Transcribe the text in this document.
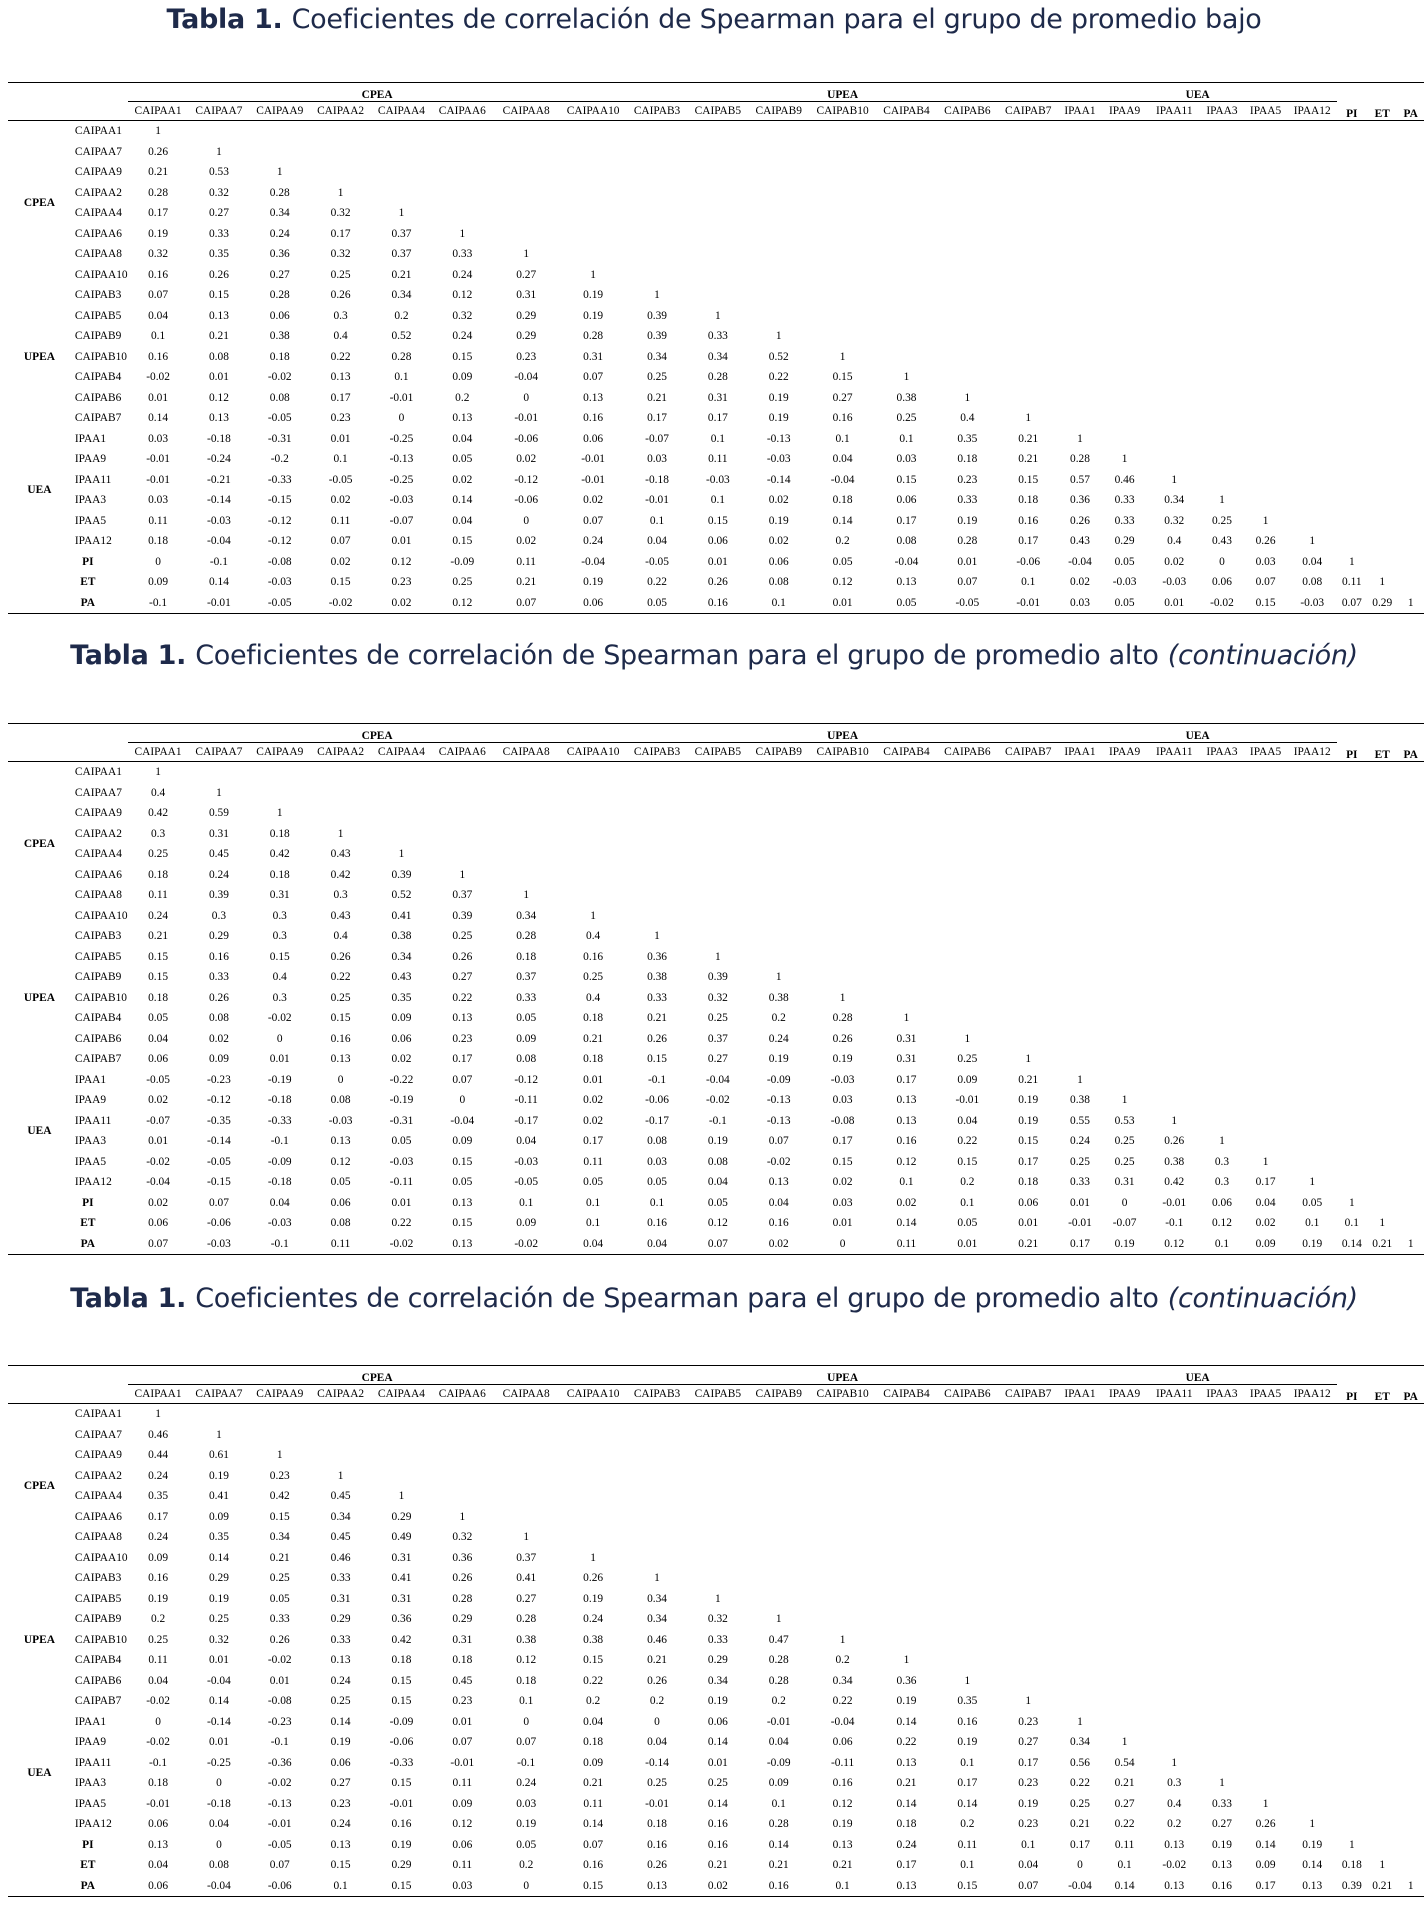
Tabla 1. Coeficientes de correlación de Spearman para el grupo de promedio bajo
		CPEA								UPEA							UEA						PI	ET	PA
		CAIPAA1	CAIPAA7	CAIPAA9	CAIPAA2	CAIPAA4	CAIPAA6	CAIPAA8	CAIPAA10	CAIPAB3	CAIPAB5	CAIPAB9	CAIPAB10	CAIPAB4	CAIPAB6	CAIPAB7	IPAA1	IPAA9	IPAA11	IPAA3	IPAA5	IPAA12			
CPEA	CAIPAA1	1																							
	CAIPAA7	0.26	1																						
	CAIPAA9	0.21	0.53	1																					
	CAIPAA2	0.28	0.32	0.28	1																				
	CAIPAA4	0.17	0.27	0.34	0.32	1																			
	CAIPAA6	0.19	0.33	0.24	0.17	0.37	1																		
	CAIPAA8	0.32	0.35	0.36	0.32	0.37	0.33	1																	
	CAIPAA10	0.16	0.26	0.27	0.25	0.21	0.24	0.27	1																
UPEA	CAIPAB3	0.07	0.15	0.28	0.26	0.34	0.12	0.31	0.19	1															
	CAIPAB5	0.04	0.13	0.06	0.3	0.2	0.32	0.29	0.19	0.39	1														
	CAIPAB9	0.1	0.21	0.38	0.4	0.52	0.24	0.29	0.28	0.39	0.33	1													
	CAIPAB10	0.16	0.08	0.18	0.22	0.28	0.15	0.23	0.31	0.34	0.34	0.52	1												
	CAIPAB4	-0.02	0.01	-0.02	0.13	0.1	0.09	-0.04	0.07	0.25	0.28	0.22	0.15	1											
	CAIPAB6	0.01	0.12	0.08	0.17	-0.01	0.2	0	0.13	0.21	0.31	0.19	0.27	0.38	1										
	CAIPAB7	0.14	0.13	-0.05	0.23	0	0.13	-0.01	0.16	0.17	0.17	0.19	0.16	0.25	0.4	1									
UEA	IPAA1	0.03	-0.18	-0.31	0.01	-0.25	0.04	-0.06	0.06	-0.07	0.1	-0.13	0.1	0.1	0.35	0.21	1								
	IPAA9	-0.01	-0.24	-0.2	0.1	-0.13	0.05	0.02	-0.01	0.03	0.11	-0.03	0.04	0.03	0.18	0.21	0.28	1							
	IPAA11	-0.01	-0.21	-0.33	-0.05	-0.25	0.02	-0.12	-0.01	-0.18	-0.03	-0.14	-0.04	0.15	0.23	0.15	0.57	0.46	1						
	IPAA3	0.03	-0.14	-0.15	0.02	-0.03	0.14	-0.06	0.02	-0.01	0.1	0.02	0.18	0.06	0.33	0.18	0.36	0.33	0.34	1					
	IPAA5	0.11	-0.03	-0.12	0.11	-0.07	0.04	0	0.07	0.1	0.15	0.19	0.14	0.17	0.19	0.16	0.26	0.33	0.32	0.25	1				
	IPAA12	0.18	-0.04	-0.12	0.07	0.01	0.15	0.02	0.24	0.04	0.06	0.02	0.2	0.08	0.28	0.17	0.43	0.29	0.4	0.43	0.26	1			
PI		0	-0.1	-0.08	0.02	0.12	-0.09	0.11	-0.04	-0.05	0.01	0.06	0.05	-0.04	0.01	-0.06	-0.04	0.05	0.02	0	0.03	0.04	1		
ET		0.09	0.14	-0.03	0.15	0.23	0.25	0.21	0.19	0.22	0.26	0.08	0.12	0.13	0.07	0.1	0.02	-0.03	-0.03	0.06	0.07	0.08	0.11	1	
PA		-0.1	-0.01	-0.05	-0.02	0.02	0.12	0.07	0.06	0.05	0.16	0.1	0.01	0.05	-0.05	-0.01	0.03	0.05	0.01	-0.02	0.15	-0.03	0.07	0.29	1
Tabla 1. Coeficientes de correlación de Spearman para el grupo de promedio alto (continuación)
		CPEA								UPEA							UEA						PI	ET	PA
		CAIPAA1	CAIPAA7	CAIPAA9	CAIPAA2	CAIPAA4	CAIPAA6	CAIPAA8	CAIPAA10	CAIPAB3	CAIPAB5	CAIPAB9	CAIPAB10	CAIPAB4	CAIPAB6	CAIPAB7	IPAA1	IPAA9	IPAA11	IPAA3	IPAA5	IPAA12			
CPEA	CAIPAA1	1																							
	CAIPAA7	0.4	1																						
	CAIPAA9	0.42	0.59	1																					
	CAIPAA2	0.3	0.31	0.18	1																				
	CAIPAA4	0.25	0.45	0.42	0.43	1																			
	CAIPAA6	0.18	0.24	0.18	0.42	0.39	1																		
	CAIPAA8	0.11	0.39	0.31	0.3	0.52	0.37	1																	
	CAIPAA10	0.24	0.3	0.3	0.43	0.41	0.39	0.34	1																
UPEA	CAIPAB3	0.21	0.29	0.3	0.4	0.38	0.25	0.28	0.4	1															
	CAIPAB5	0.15	0.16	0.15	0.26	0.34	0.26	0.18	0.16	0.36	1														
	CAIPAB9	0.15	0.33	0.4	0.22	0.43	0.27	0.37	0.25	0.38	0.39	1													
	CAIPAB10	0.18	0.26	0.3	0.25	0.35	0.22	0.33	0.4	0.33	0.32	0.38	1												
	CAIPAB4	0.05	0.08	-0.02	0.15	0.09	0.13	0.05	0.18	0.21	0.25	0.2	0.28	1											
	CAIPAB6	0.04	0.02	0	0.16	0.06	0.23	0.09	0.21	0.26	0.37	0.24	0.26	0.31	1										
	CAIPAB7	0.06	0.09	0.01	0.13	0.02	0.17	0.08	0.18	0.15	0.27	0.19	0.19	0.31	0.25	1									
UEA	IPAA1	-0.05	-0.23	-0.19	0	-0.22	0.07	-0.12	0.01	-0.1	-0.04	-0.09	-0.03	0.17	0.09	0.21	1								
	IPAA9	0.02	-0.12	-0.18	0.08	-0.19	0	-0.11	0.02	-0.06	-0.02	-0.13	0.03	0.13	-0.01	0.19	0.38	1							
	IPAA11	-0.07	-0.35	-0.33	-0.03	-0.31	-0.04	-0.17	0.02	-0.17	-0.1	-0.13	-0.08	0.13	0.04	0.19	0.55	0.53	1						
	IPAA3	0.01	-0.14	-0.1	0.13	0.05	0.09	0.04	0.17	0.08	0.19	0.07	0.17	0.16	0.22	0.15	0.24	0.25	0.26	1					
	IPAA5	-0.02	-0.05	-0.09	0.12	-0.03	0.15	-0.03	0.11	0.03	0.08	-0.02	0.15	0.12	0.15	0.17	0.25	0.25	0.38	0.3	1				
	IPAA12	-0.04	-0.15	-0.18	0.05	-0.11	0.05	-0.05	0.05	0.05	0.04	0.13	0.02	0.1	0.2	0.18	0.33	0.31	0.42	0.3	0.17	1			
PI		0.02	0.07	0.04	0.06	0.01	0.13	0.1	0.1	0.1	0.05	0.04	0.03	0.02	0.1	0.06	0.01	0	-0.01	0.06	0.04	0.05	1		
ET		0.06	-0.06	-0.03	0.08	0.22	0.15	0.09	0.1	0.16	0.12	0.16	0.01	0.14	0.05	0.01	-0.01	-0.07	-0.1	0.12	0.02	0.1	0.1	1	
PA		0.07	-0.03	-0.1	0.11	-0.02	0.13	-0.02	0.04	0.04	0.07	0.02	0	0.11	0.01	0.21	0.17	0.19	0.12	0.1	0.09	0.19	0.14	0.21	1
Tabla 1. Coeficientes de correlación de Spearman para el grupo de promedio alto (continuación)
		CPEA								UPEA							UEA						PI	ET	PA
		CAIPAA1	CAIPAA7	CAIPAA9	CAIPAA2	CAIPAA4	CAIPAA6	CAIPAA8	CAIPAA10	CAIPAB3	CAIPAB5	CAIPAB9	CAIPAB10	CAIPAB4	CAIPAB6	CAIPAB7	IPAA1	IPAA9	IPAA11	IPAA3	IPAA5	IPAA12			
CPEA	CAIPAA1	1																							
	CAIPAA7	0.46	1																						
	CAIPAA9	0.44	0.61	1																					
	CAIPAA2	0.24	0.19	0.23	1																				
	CAIPAA4	0.35	0.41	0.42	0.45	1																			
	CAIPAA6	0.17	0.09	0.15	0.34	0.29	1																		
	CAIPAA8	0.24	0.35	0.34	0.45	0.49	0.32	1																	
	CAIPAA10	0.09	0.14	0.21	0.46	0.31	0.36	0.37	1																
UPEA	CAIPAB3	0.16	0.29	0.25	0.33	0.41	0.26	0.41	0.26	1															
	CAIPAB5	0.19	0.19	0.05	0.31	0.31	0.28	0.27	0.19	0.34	1														
	CAIPAB9	0.2	0.25	0.33	0.29	0.36	0.29	0.28	0.24	0.34	0.32	1													
	CAIPAB10	0.25	0.32	0.26	0.33	0.42	0.31	0.38	0.38	0.46	0.33	0.47	1												
	CAIPAB4	0.11	0.01	-0.02	0.13	0.18	0.18	0.12	0.15	0.21	0.29	0.28	0.2	1											
	CAIPAB6	0.04	-0.04	0.01	0.24	0.15	0.45	0.18	0.22	0.26	0.34	0.28	0.34	0.36	1										
	CAIPAB7	-0.02	0.14	-0.08	0.25	0.15	0.23	0.1	0.2	0.2	0.19	0.2	0.22	0.19	0.35	1									
UEA	IPAA1	0	-0.14	-0.23	0.14	-0.09	0.01	0	0.04	0	0.06	-0.01	-0.04	0.14	0.16	0.23	1								
	IPAA9	-0.02	0.01	-0.1	0.19	-0.06	0.07	0.07	0.18	0.04	0.14	0.04	0.06	0.22	0.19	0.27	0.34	1							
	IPAA11	-0.1	-0.25	-0.36	0.06	-0.33	-0.01	-0.1	0.09	-0.14	0.01	-0.09	-0.11	0.13	0.1	0.17	0.56	0.54	1						
	IPAA3	0.18	0	-0.02	0.27	0.15	0.11	0.24	0.21	0.25	0.25	0.09	0.16	0.21	0.17	0.23	0.22	0.21	0.3	1					
	IPAA5	-0.01	-0.18	-0.13	0.23	-0.01	0.09	0.03	0.11	-0.01	0.14	0.1	0.12	0.14	0.14	0.19	0.25	0.27	0.4	0.33	1				
	IPAA12	0.06	0.04	-0.01	0.24	0.16	0.12	0.19	0.14	0.18	0.16	0.28	0.19	0.18	0.2	0.23	0.21	0.22	0.2	0.27	0.26	1			
PI		0.13	0	-0.05	0.13	0.19	0.06	0.05	0.07	0.16	0.16	0.14	0.13	0.24	0.11	0.1	0.17	0.11	0.13	0.19	0.14	0.19	1		
ET		0.04	0.08	0.07	0.15	0.29	0.11	0.2	0.16	0.26	0.21	0.21	0.21	0.17	0.1	0.04	0	0.1	-0.02	0.13	0.09	0.14	0.18	1	
PA		0.06	-0.04	-0.06	0.1	0.15	0.03	0	0.15	0.13	0.02	0.16	0.1	0.13	0.15	0.07	-0.04	0.14	0.13	0.16	0.17	0.13	0.39	0.21	1
